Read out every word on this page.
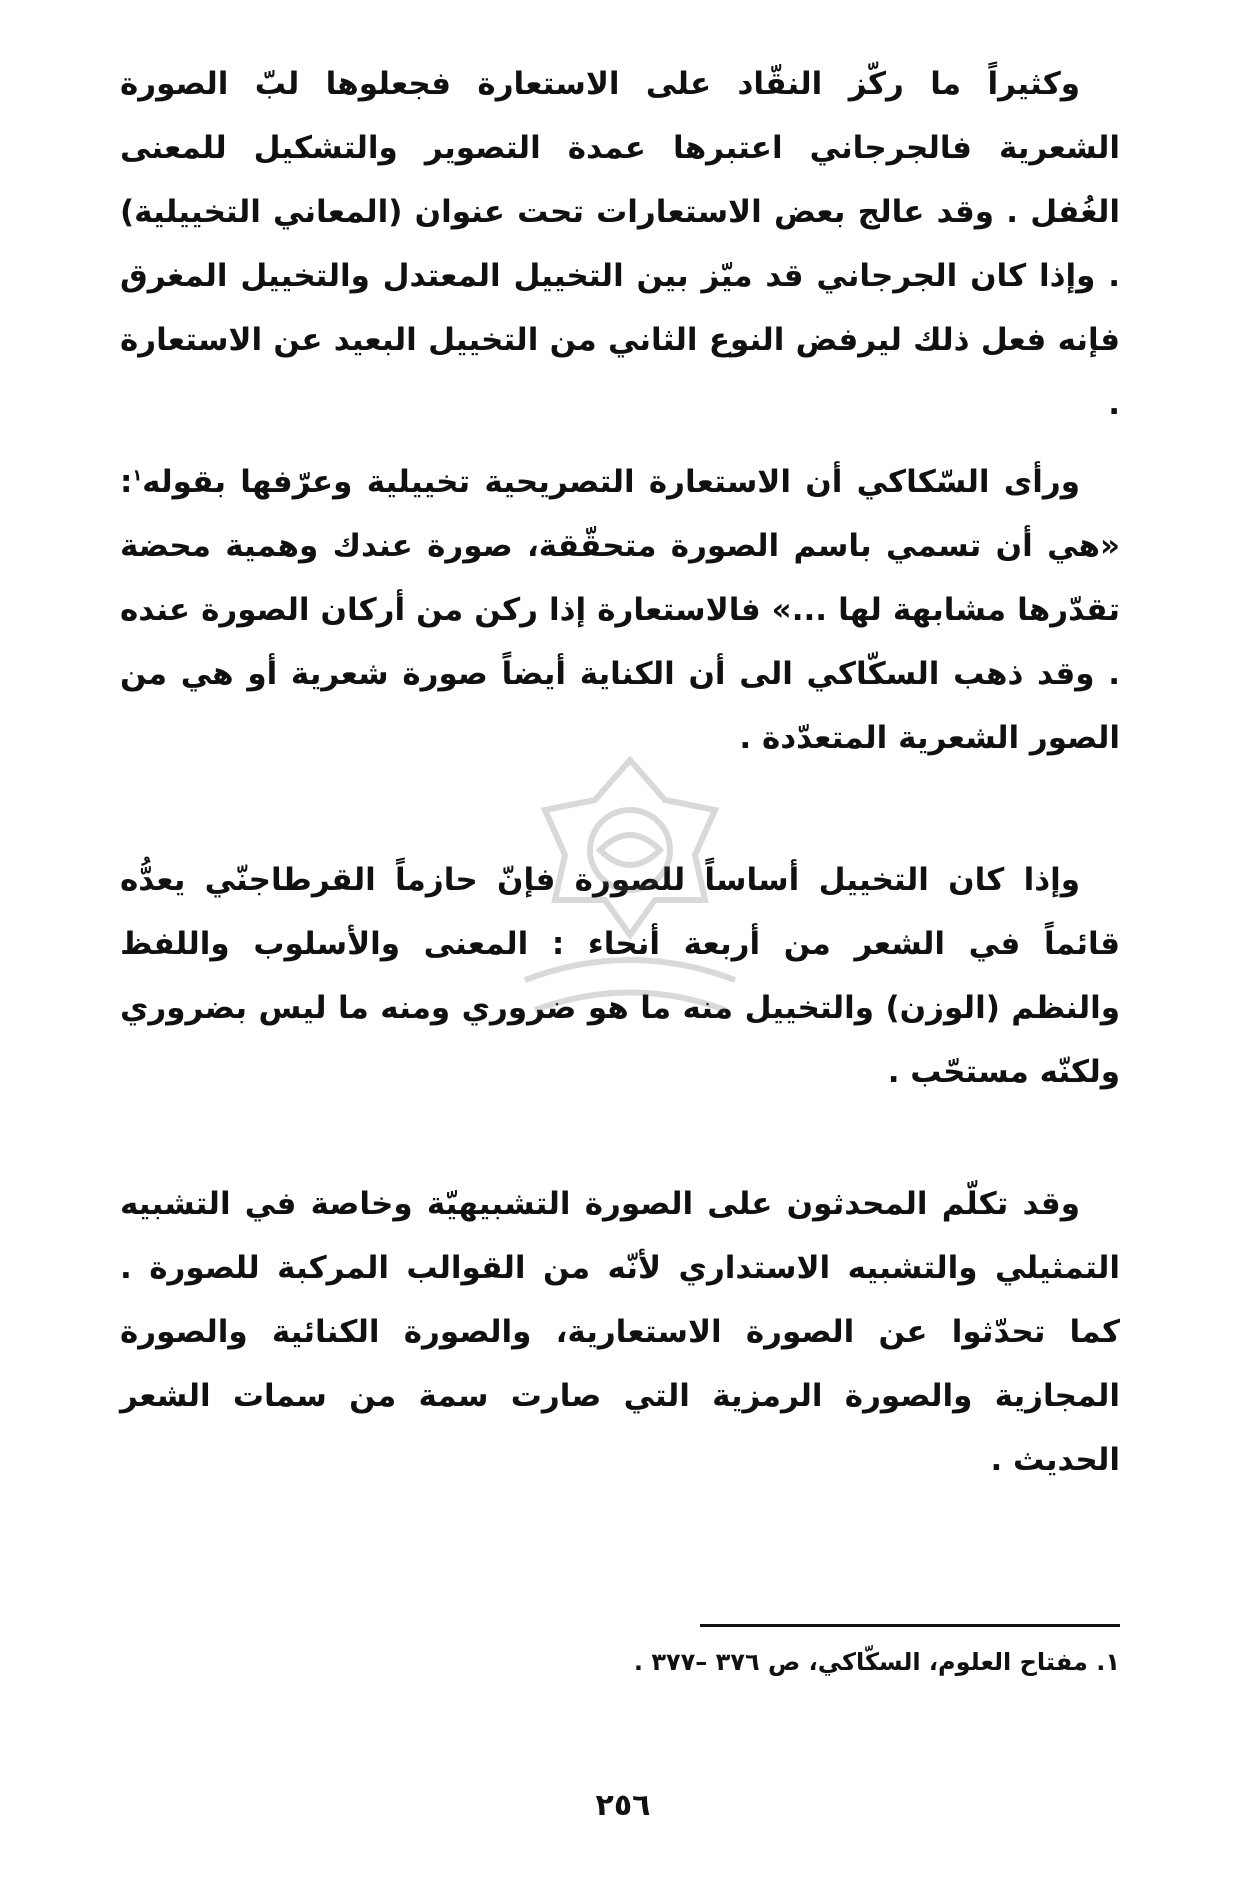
وكثيراً ما ركّز النقّاد على الاستعارة فجعلوها لبّ الصورة الشعرية فالجرجاني اعتبرها عمدة التصوير والتشكيل للمعنى الغُفل . وقد عالج بعض الاستعارات تحت عنوان (المعاني التخييلية) . وإذا كان الجرجاني قد ميّز بين التخييل المعتدل والتخييل المغرق فإنه فعل ذلك ليرفض النوع الثاني من التخييل البعيد عن الاستعارة .

ورأى السّكاكي أن الاستعارة التصريحية تخييلية وعرّفها بقوله$^١$: «هي أن تسمي باسم الصورة متحقّقة، صورة عندك وهمية محضة تقدّرها مشابهة لها ...» فالاستعارة إذا ركن من أركان الصورة عنده . وقد ذهب السكّاكي الى أن الكناية أيضاً صورة شعرية أو هي من الصور الشعرية المتعدّدة .

وإذا كان التخييل أساساً للصورة فإنّ حازماً القرطاجنّي يعدُّه قائماً في الشعر من أربعة أنحاء : المعنى والأسلوب واللفظ والنظم (الوزن) والتخييل منه ما هو ضروري ومنه ما ليس بضروري ولكنّه مستحّب .

وقد تكلّم المحدثون على الصورة التشبيهيّة وخاصة في التشبيه التمثيلي والتشبيه الاستداري لأنّه من القوالب المركبة للصورة . كما تحدّثوا عن الصورة الاستعارية، والصورة الكنائية والصورة المجازية والصورة الرمزية التي صارت سمة من سمات الشعر الحديث .

١. مفتاح العلوم، السكّاكي، ص ٣٧٦ –٣٧٧ .

٢٥٦
